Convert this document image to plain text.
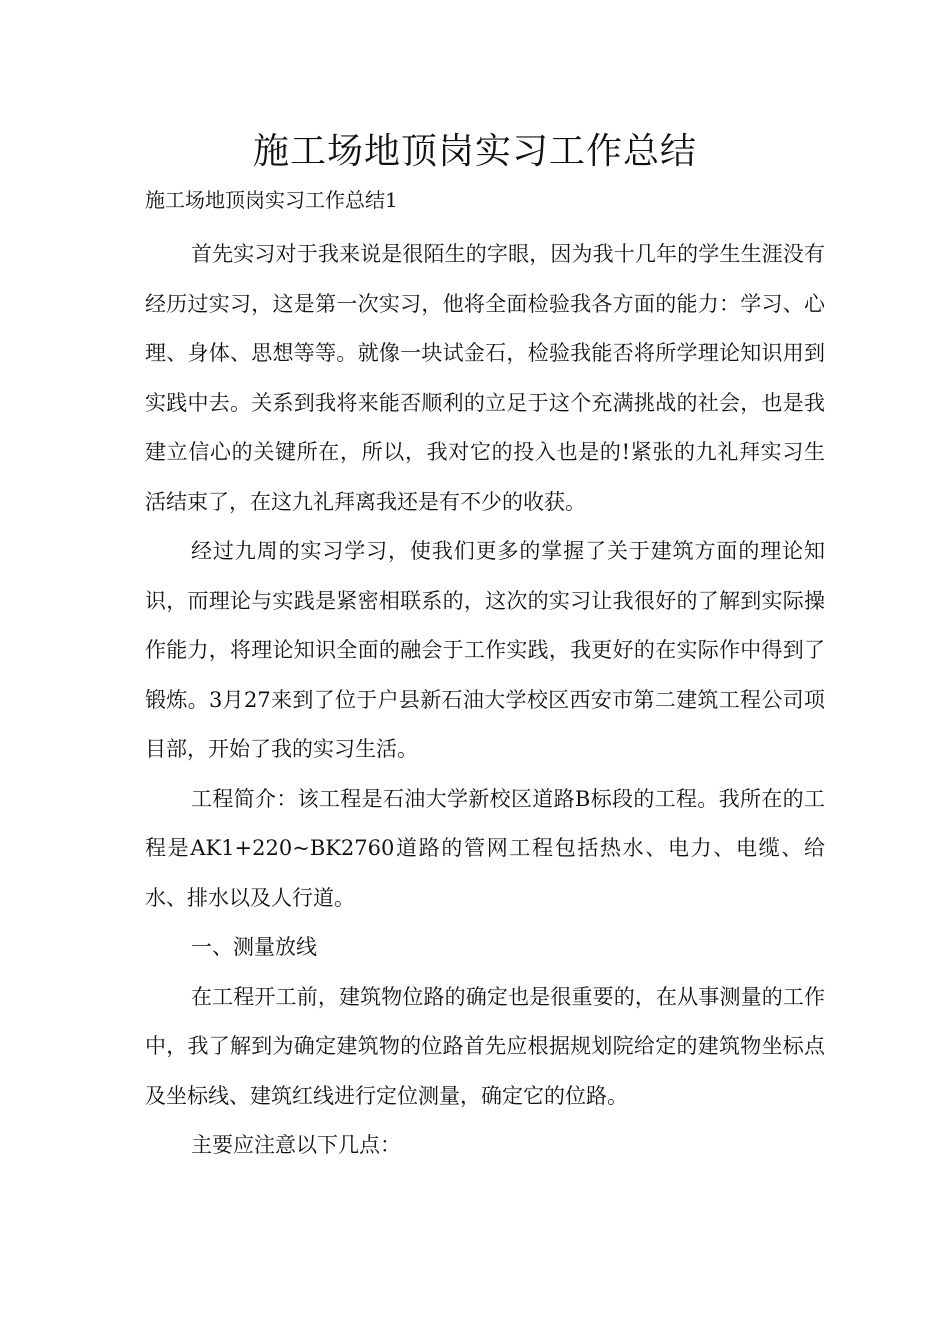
施工场地顶岗实习工作总结

施工场地顶岗实习工作总结1

首先实习对于我来说是很陌生的字眼，因为我十几年的学生生涯没有经历过实习，这是第一次实习，他将全面检验我各方面的能力：学习、心理、身体、思想等等。就像一块试金石，检验我能否将所学理论知识用到实践中去。关系到我将来能否顺利的立足于这个充满挑战的社会，也是我建立信心的关键所在，所以，我对它的投入也是的!紧张的九礼拜实习生活结束了，在这九礼拜离我还是有不少的收获。

经过九周的实习学习，使我们更多的掌握了关于建筑方面的理论知识，而理论与实践是紧密相联系的，这次的实习让我很好的了解到实际操作能力，将理论知识全面的融会于工作实践，我更好的在实际作中得到了锻炼。3月27来到了位于户县新石油大学校区西安市第二建筑工程公司项目部，开始了我的实习生活。

工程简介：该工程是石油大学新校区道路B标段的工程。我所在的工程是AK1+220~BK2760道路的管网工程包括热水、电力、电缆、给水、排水以及人行道。

一、测量放线

在工程开工前，建筑物位路的确定也是很重要的，在从事测量的工作中，我了解到为确定建筑物的位路首先应根据规划院给定的建筑物坐标点及坐标线、建筑红线进行定位测量，确定它的位路。

主要应注意以下几点：
